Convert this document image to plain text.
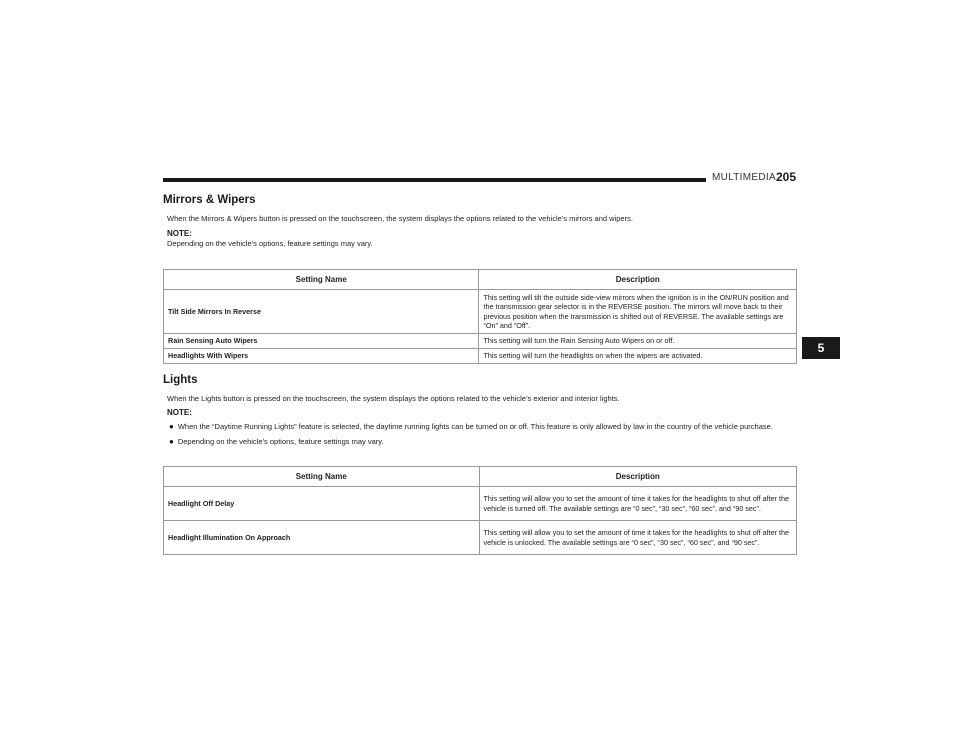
MULTIMEDIA 205
5
Mirrors & Wipers

When the Mirrors & Wipers button is pressed on the touchscreen, the system displays the options related to the vehicle’s mirrors and wipers.

NOTE:

Depending on the vehicle’s options, feature settings may vary.

Setting Name	Description
Tilt Side Mirrors In Reverse	This setting will tilt the outside side-view mirrors when the ignition is in the ON/RUN position and the transmission gear selector is in the REVERSE position. The mirrors will move back to their previous position when the transmission is shifted out of REVERSE. The available settings are “On” and “Off”.
Rain Sensing Auto Wipers	This setting will turn the Rain Sensing Auto Wipers on or off.
Headlights With Wipers	This setting will turn the headlights on when the wipers are activated.
Lights

When the Lights button is pressed on the touchscreen, the system displays the options related to the vehicle’s exterior and interior lights.

NOTE:

● When the “Daytime Running Lights” feature is selected, the daytime running lights can be turned on or off. This feature is only allowed by law in the country of the vehicle purchase.
● Depending on the vehicle’s options, feature settings may vary.
Setting Name	Description
Headlight Off Delay	This setting will allow you to set the amount of time it takes for the headlights to shut off after the vehicle is turned off. The available settings are “0 sec”, “30 sec”, “60 sec”, and “90 sec”.
Headlight Illumination On Approach	This setting will allow you to set the amount of time it takes for the headlights to shut off after the vehicle is unlocked. The available settings are “0 sec”, “30 sec”, “60 sec”, and “90 sec”.
